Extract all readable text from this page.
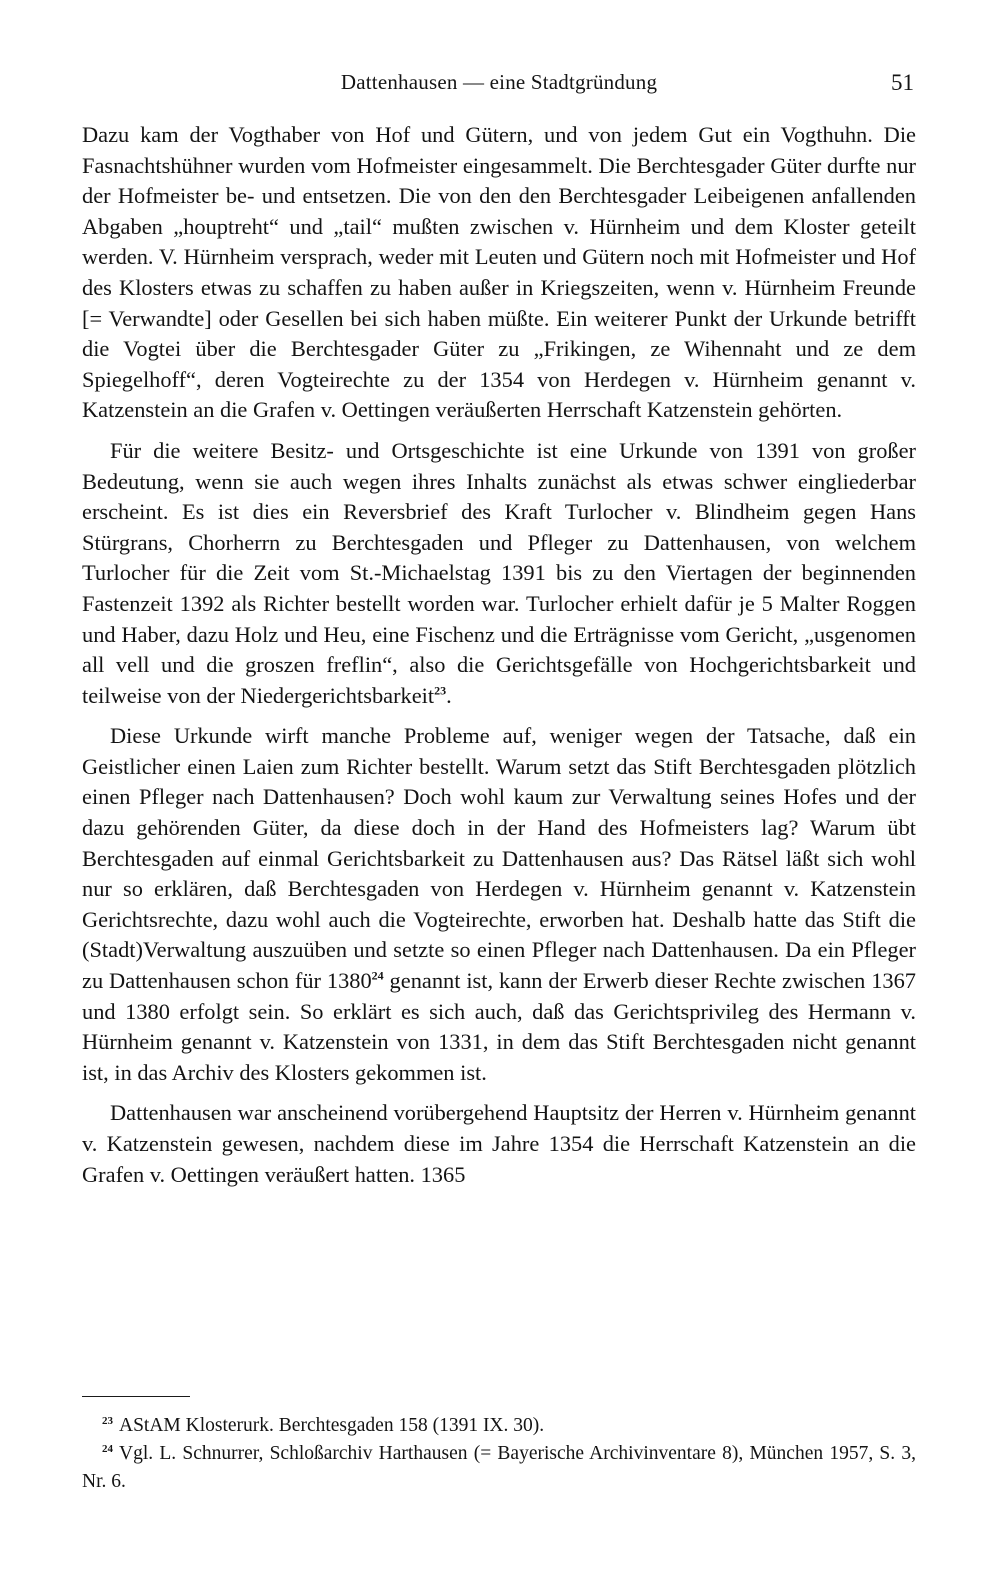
Dattenhausen — eine Stadtgründung	51

Dazu kam der Vogthaber von Hof und Gütern, und von jedem Gut ein Vogthuhn. Die Fasnachtshühner wurden vom Hofmeister eingesammelt. Die Berchtesgader Güter durfte nur der Hofmeister be- und entsetzen. Die von den den Berchtesgader Leibeigenen anfallenden Abgaben „houptreht“ und „tail“ mußten zwischen v. Hürnheim und dem Kloster geteilt werden. V. Hürnheim versprach, weder mit Leuten und Gütern noch mit Hofmeister und Hof des Klosters etwas zu schaffen zu haben außer in Kriegszeiten, wenn v. Hürnheim Freunde [= Verwandte] oder Gesellen bei sich haben müßte. Ein weiterer Punkt der Urkunde betrifft die Vogtei über die Berchtesgader Güter zu „Frikingen, ze Wihennaht und ze dem Spiegelhoff“, deren Vogteirechte zu der 1354 von Herdegen v. Hürnheim genannt v. Katzenstein an die Grafen v. Oettingen veräußerten Herrschaft Katzenstein gehörten.

Für die weitere Besitz- und Ortsgeschichte ist eine Urkunde von 1391 von großer Bedeutung, wenn sie auch wegen ihres Inhalts zunächst als etwas schwer eingliederbar erscheint. Es ist dies ein Reversbrief des Kraft Turlocher v. Blindheim gegen Hans Stürgrans, Chorherrn zu Berchtesgaden und Pfleger zu Dattenhausen, von welchem Turlocher für die Zeit vom St.-Michaelstag 1391 bis zu den Viertagen der beginnenden Fastenzeit 1392 als Richter bestellt worden war. Turlocher erhielt dafür je 5 Malter Roggen und Haber, dazu Holz und Heu, eine Fischenz und die Erträgnisse vom Gericht, „usgenomen all vell und die groszen freflin“, also die Gerichtsgefälle von Hochgerichtsbarkeit und teilweise von der Niedergerichtsbarkeit$^{23}$.

Diese Urkunde wirft manche Probleme auf, weniger wegen der Tatsache, daß ein Geistlicher einen Laien zum Richter bestellt. Warum setzt das Stift Berchtesgaden plötzlich einen Pfleger nach Dattenhausen? Doch wohl kaum zur Verwaltung seines Hofes und der dazu gehörenden Güter, da diese doch in der Hand des Hofmeisters lag? Warum übt Berchtesgaden auf einmal Gerichtsbarkeit zu Dattenhausen aus? Das Rätsel läßt sich wohl nur so erklären, daß Berchtesgaden von Herdegen v. Hürnheim genannt v. Katzenstein Gerichtsrechte, dazu wohl auch die Vogteirechte, erworben hat. Deshalb hatte das Stift die (Stadt)Verwaltung auszuüben und setzte so einen Pfleger nach Dattenhausen. Da ein Pfleger zu Dattenhausen schon für 1380$^{24}$ genannt ist, kann der Erwerb dieser Rechte zwischen 1367 und 1380 erfolgt sein. So erklärt es sich auch, daß das Gerichtsprivileg des Hermann v. Hürnheim genannt v. Katzenstein von 1331, in dem das Stift Berchtesgaden nicht genannt ist, in das Archiv des Klosters gekommen ist.

Dattenhausen war anscheinend vorübergehend Hauptsitz der Herren v. Hürnheim genannt v. Katzenstein gewesen, nachdem diese im Jahre 1354 die Herrschaft Katzenstein an die Grafen v. Oettingen veräußert hatten. 1365

$^{23}$ AStAM Klosterurk. Berchtesgaden 158 (1391 IX. 30).

$^{24}$ Vgl. L. Schnurrer, Schloßarchiv Harthausen (= Bayerische Archivinventare 8), München 1957, S. 3, Nr. 6.
